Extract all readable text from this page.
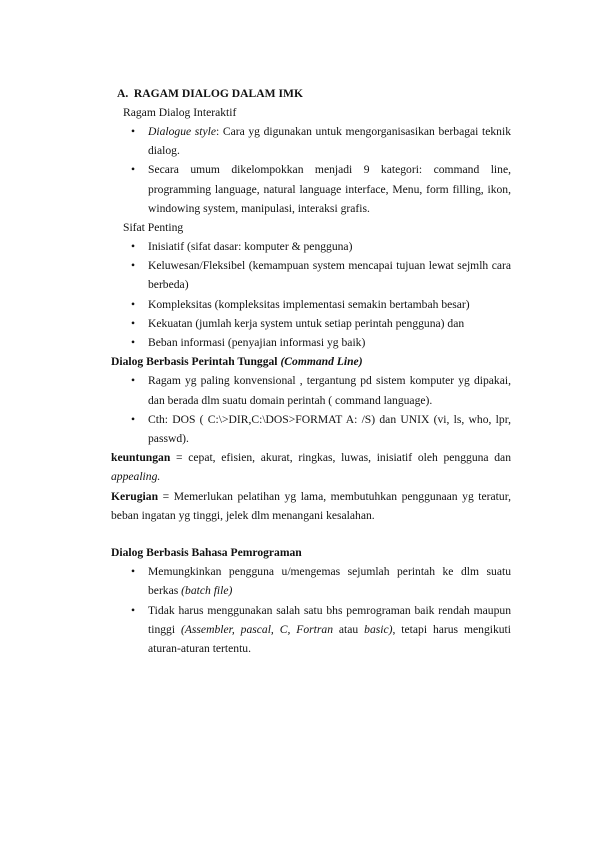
A. RAGAM DIALOG DALAM IMK
Ragam Dialog Interaktif
• Dialogue style: Cara yg digunakan untuk mengorganisasikan berbagai teknik dialog.
• Secara umum dikelompokkan menjadi 9 kategori: command line, programming language, natural language interface, Menu, form filling, ikon, windowing system, manipulasi, interaksi grafis.
Sifat Penting
• Inisiatif (sifat dasar: komputer & pengguna)
• Keluwesan/Fleksibel (kemampuan system mencapai tujuan lewat sejmlh cara berbeda)
• Kompleksitas (kompleksitas implementasi semakin bertambah besar)
• Kekuatan (jumlah kerja system untuk setiap perintah pengguna) dan
• Beban informasi (penyajian informasi yg baik)
Dialog Berbasis Perintah Tunggal (Command Line)
• Ragam yg paling konvensional , tergantung pd sistem komputer yg dipakai, dan berada dlm suatu domain perintah ( command language).
• Cth: DOS ( C:\>DIR,C:\DOS>FORMAT A: /S) dan UNIX (vi, ls, who, lpr, passwd).
keuntungan = cepat, efisien, akurat, ringkas, luwas, inisiatif oleh pengguna dan appealing.
Kerugian = Memerlukan pelatihan yg lama, membutuhkan penggunaan yg teratur, beban ingatan yg tinggi, jelek dlm menangani kesalahan.
Dialog Berbasis Bahasa Pemrograman
• Memungkinkan pengguna u/mengemas sejumlah perintah ke dlm suatu berkas (batch file)
• Tidak harus menggunakan salah satu bhs pemrograman baik rendah maupun tinggi (Assembler, pascal, C, Fortran atau basic), tetapi harus mengikuti aturan-aturan tertentu.
